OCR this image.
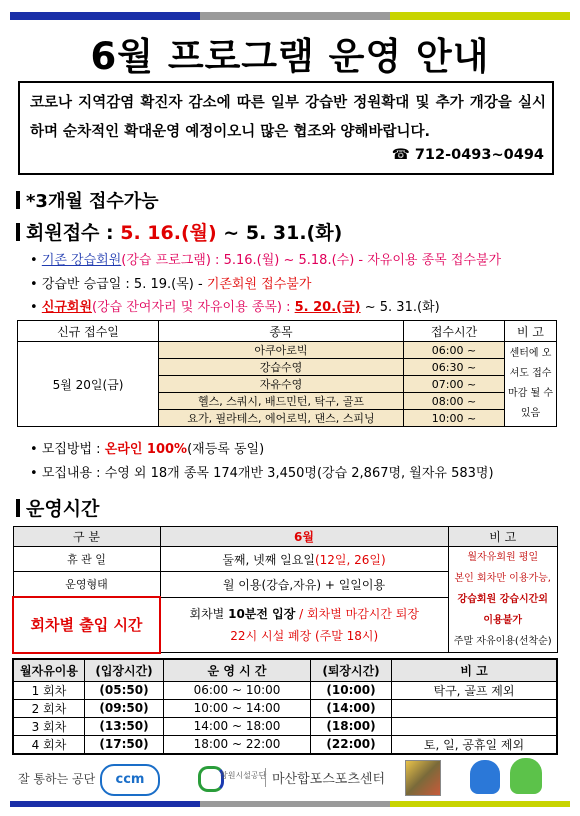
6월 프로그램 운영 안내
코로나 지역감염 확진자 감소에 따른 일부 강습반 정원확대 및 추가 개강을 실시하며 순차적인 확대운영 예정이오니 많은 협조와 양해바랍니다.
☎ 712-0493~0494
*3개월 접수가능
회원접수 : 5. 16.(월) ~ 5. 31.(화)
• 기존 강습회원(강습 프로그램) : 5.16.(월) ~ 5.18.(수) - 자유이용 종목 접수불가
• 강습반 승급일 : 5. 19.(목) - 기존회원 접수불가
• 신규회원(강습 잔여자리 및 자유이용 종목) : 5. 20.(금) ~ 5. 31.(화)
신규 접수일	종목	접수시간	비 고
5월 20일(금)	아쿠아로빅	06:00 ~	센터에 오셔도 접수 마감 될 수 있음
	강습수영	06:30 ~	
	자유수영	07:00 ~	
	헬스, 스쿼시, 배드민턴, 탁구, 골프	08:00 ~	
	요가, 필라테스, 에어로빅, 댄스, 스피닝	10:00 ~	
• 모집방법 : 온라인 100%(재등록 동일)
• 모집내용 : 수영 외 18개 종목 174개반 3,450명(강습 2,867명, 월자유 583명)
운영시간
구 분	6월	비 고
휴 관 일	둘째, 넷째 일요일(12일, 26일)	월자유회원 평일
본인 회차만 이용가능,
강습회원 강습시간외
이용불가
주말 자유이용(선착순)

운영형태	월 이용(강습,자유) + 일일이용	
회차별 출입 시간	회차별 10분전 입장 / 회차별 마감시간 퇴장
22시 시설 폐장 (주말 18시)	
월자유이용	(입장시간)	운 영 시 간	(퇴장시간)	비 고
1 회차	(05:50)	06:00 ~ 10:00	(10:00)	탁구, 골프 제외
2 회차	(09:50)	10:00 ~ 14:00	(14:00)	
3 회차	(13:50)	14:00 ~ 18:00	(18:00)	
4 회차	(17:50)	18:00 ~ 22:00	(22:00)	토, 일, 공휴일 제외
잘 통하는 공단	ccm	창원시설공단 마산합포스포츠센터
